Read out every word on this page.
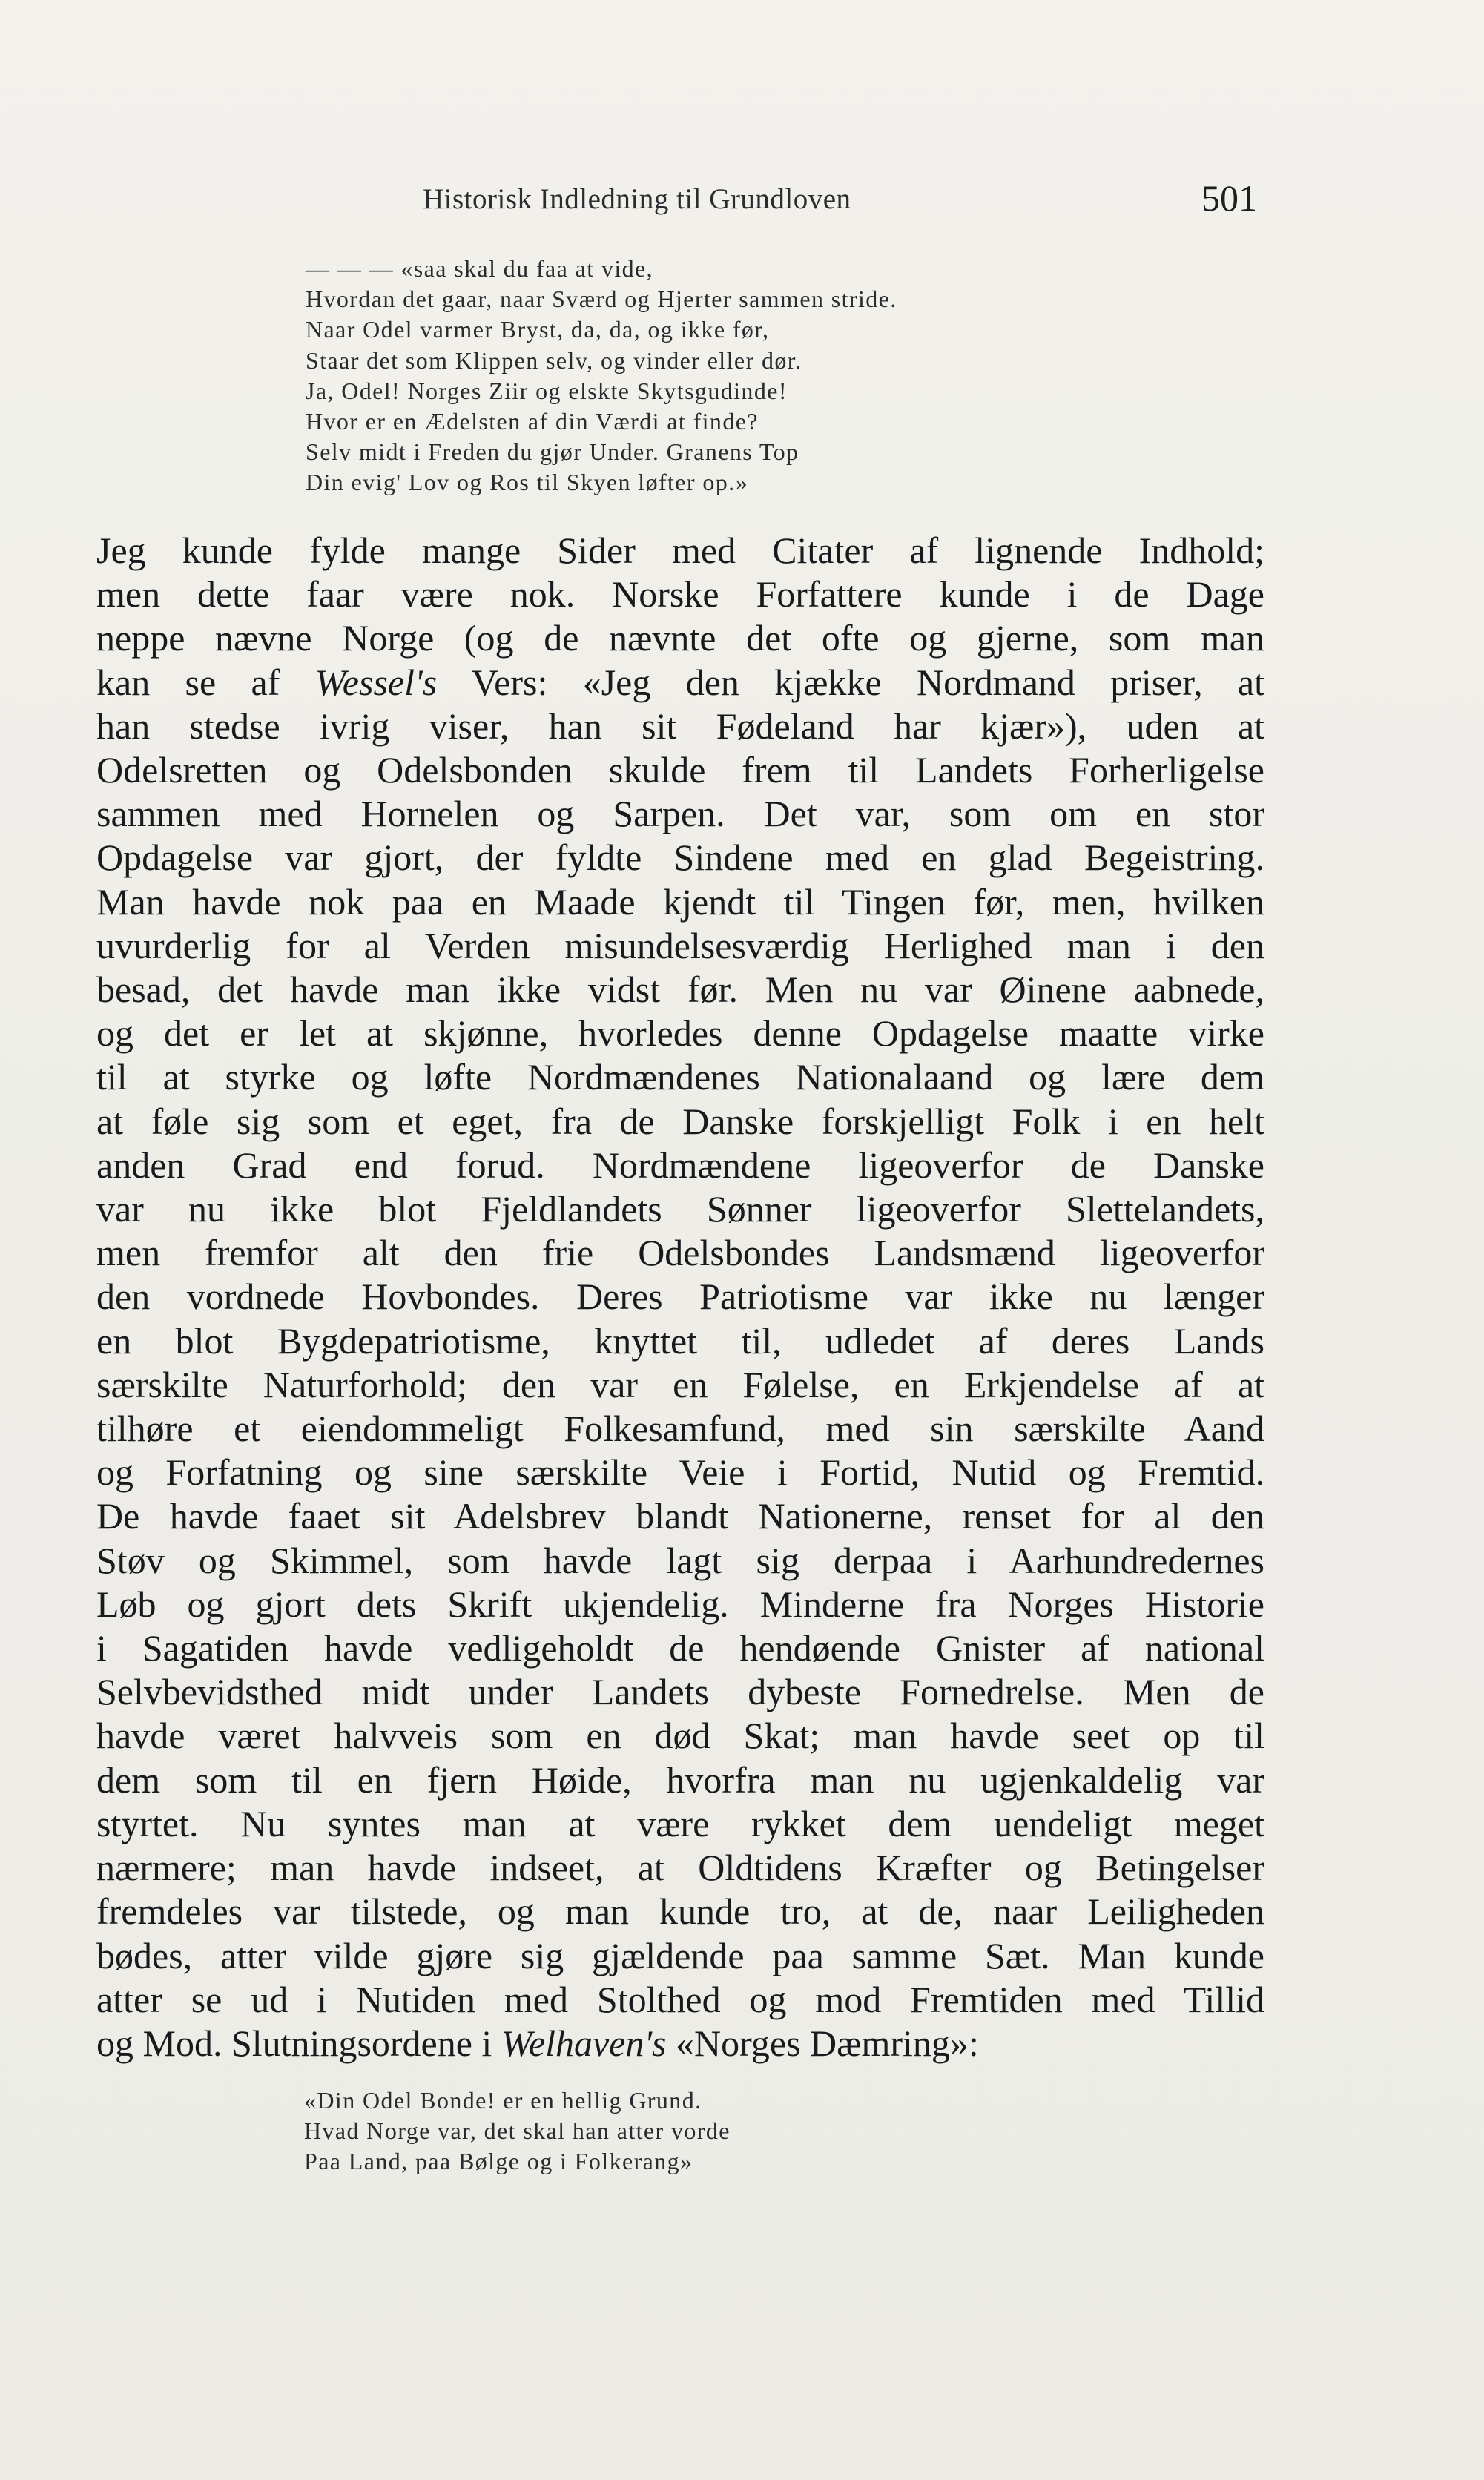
Historisk Indledning til Grundloven	501
— — — «saa skal du faa at vide,
Hvordan det gaar, naar Sværd og Hjerter sammen stride.
Naar Odel varmer Bryst, da, da, og ikke før,
Staar det som Klippen selv, og vinder eller dør.
Ja, Odel! Norges Ziir og elskte Skytsgudinde!
Hvor er en Ædelsten af din Værdi at finde?
Selv midt i Freden du gjør Under. Granens Top
Din evig' Lov og Ros til Skyen løfter op.»
Jeg kunde fylde mange Sider med Citater af lignende Indhold;
men dette faar være nok. Norske Forfattere kunde i de Dage
neppe nævne Norge (og de nævnte det ofte og gjerne, som man
kan se af Wessel's Vers: «Jeg den kjække Nordmand priser, at
han stedse ivrig viser, han sit Fødeland har kjær»), uden at
Odelsretten og Odelsbonden skulde frem til Landets Forherligelse
sammen med Hornelen og Sarpen. Det var, som om en stor
Opdagelse var gjort, der fyldte Sindene med en glad Begeistring.
Man havde nok paa en Maade kjendt til Tingen før, men, hvilken
uvurderlig for al Verden misundelsesværdig Herlighed man i den
besad, det havde man ikke vidst før. Men nu var Øinene aabnede,
og det er let at skjønne, hvorledes denne Opdagelse maatte virke
til at styrke og løfte Nordmændenes Nationalaand og lære dem
at føle sig som et eget, fra de Danske forskjelligt Folk i en helt
anden Grad end forud. Nordmændene ligeoverfor de Danske
var nu ikke blot Fjeldlandets Sønner ligeoverfor Slettelandets,
men fremfor alt den frie Odelsbondes Landsmænd ligeoverfor
den vordnede Hovbondes. Deres Patriotisme var ikke nu længer
en blot Bygdepatriotisme, knyttet til, udledet af deres Lands
særskilte Naturforhold; den var en Følelse, en Erkjendelse af at
tilhøre et eiendommeligt Folkesamfund, med sin særskilte Aand
og Forfatning og sine særskilte Veie i Fortid, Nutid og Fremtid.
De havde faaet sit Adelsbrev blandt Nationerne, renset for al den
Støv og Skimmel, som havde lagt sig derpaa i Aarhundredernes
Løb og gjort dets Skrift ukjendelig. Minderne fra Norges Historie
i Sagatiden havde vedligeholdt de hendøende Gnister af national
Selvbevidsthed midt under Landets dybeste Fornedrelse. Men de
havde været halvveis som en død Skat; man havde seet op til
dem som til en fjern Høide, hvorfra man nu ugjenkaldelig var
styrtet. Nu syntes man at være rykket dem uendeligt meget
nærmere; man havde indseet, at Oldtidens Kræfter og Betingelser
fremdeles var tilstede, og man kunde tro, at de, naar Leiligheden
bødes, atter vilde gjøre sig gjældende paa samme Sæt. Man kunde
atter se ud i Nutiden med Stolthed og mod Fremtiden med Tillid
og Mod. Slutningsordene i Welhaven's «Norges Dæmring»:
«Din Odel Bonde! er en hellig Grund.
Hvad Norge var, det skal han atter vorde
Paa Land, paa Bølge og i Folkerang»
